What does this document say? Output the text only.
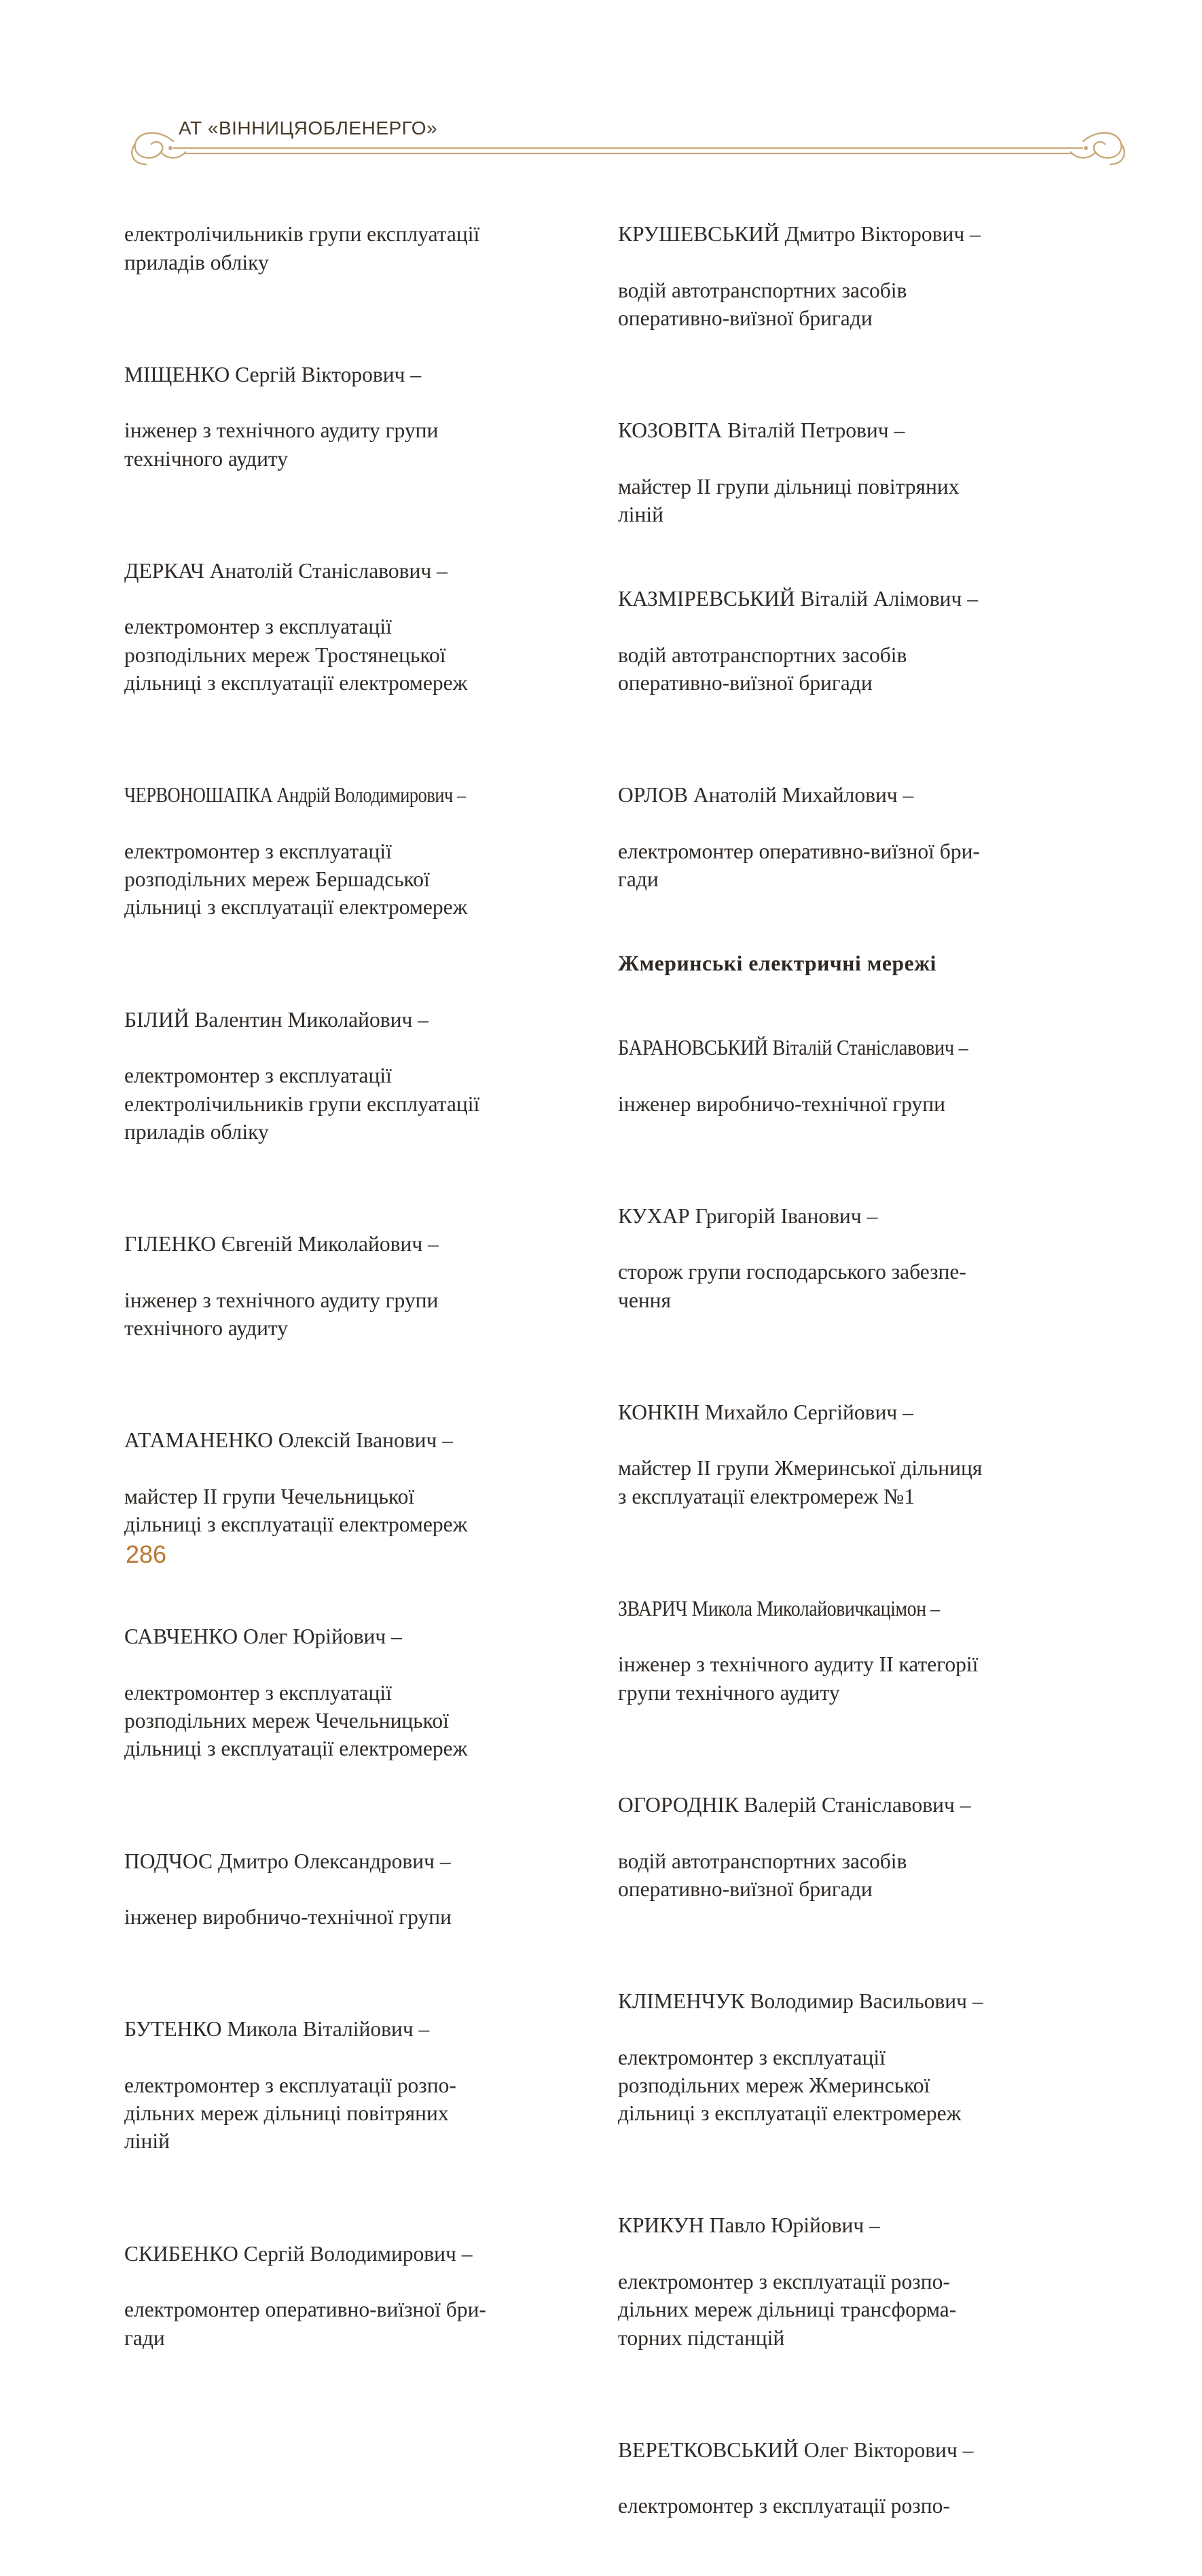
АТ «ВІННИЦЯОБЛЕНЕРГО»

електролічильників групи експлуатації
приладів обліку

МІЩЕНКО Сергій Вікторович –

інженер з технічного аудиту групи
технічного аудиту

ДЕРКАЧ Анатолій Станіславович –

електромонтер з експлуатації
розподільних мереж Тростянецької
дільниці з експлуатації електромереж

ЧЕРВОНОШАПКА Андрій Володимирович –

електромонтер з експлуатації
розподільних мереж Бершадської
дільниці з експлуатації електромереж

БІЛИЙ Валентин Миколайович –

електромонтер з експлуатації
електролічильників групи експлуатації
приладів обліку

ГІЛЕНКО Євгеній Миколайович –

інженер з технічного аудиту групи
технічного аудиту

АТАМАНЕНКО Олексій Іванович –

майстер ІІ групи Чечельницької
дільниці з експлуатації електромереж

САВЧЕНКО Олег Юрійович –

електромонтер з експлуатації
розподільних мереж Чечельницької
дільниці з експлуатації електромереж

ПОДЧОС Дмитро Олександрович –

інженер виробничо-технічної групи

БУТЕНКО Микола Віталійович –

електромонтер з експлуатації розпо-
дільних мереж дільниці повітряних
ліній

СКИБЕНКО Сергій Володимирович –

електромонтер оперативно-виїзної бри-
гади

КРУШЕВСЬКИЙ Дмитро Вікторович –

водій автотранспортних засобів
оперативно-виїзної бригади

КОЗОВІТА Віталій Петрович –

майстер ІІ групи дільниці повітряних
ліній

КАЗМІРЕВСЬКИЙ Віталій Алімович –

водій автотранспортних засобів
оперативно-виїзної бригади

ОРЛОВ Анатолій Михайлович –

електромонтер оперативно-виїзної бри-
гади

Жмеринські електричні мережі

БАРАНОВСЬКИЙ Віталій Станіславович –

інженер виробничо-технічної групи

КУХАР Григорій Іванович –

сторож групи господарського забезпе-
чення

КОНКІН Михайло Сергійович –

майстер ІІ групи Жмеринської дільниця
з експлуатації електромереж №1

ЗВАРИЧ Микола Миколайовичкацімон –

інженер з технічного аудиту ІІ категорії
групи технічного аудиту

ОГОРОДНІК Валерій Станіславович –

водій автотранспортних засобів
оперативно-виїзної бригади

КЛІМЕНЧУК Володимир Васильович –

електромонтер з експлуатації
розподільних мереж Жмеринської
дільниці з експлуатації електромереж

КРИКУН Павло Юрійович –

електромонтер з експлуатації розпо-
дільних мереж дільниці трансформа-
торних підстанцій

ВЕРЕТКОВСЬКИЙ Олег Вікторович –

електромонтер з експлуатації розпо-

286
